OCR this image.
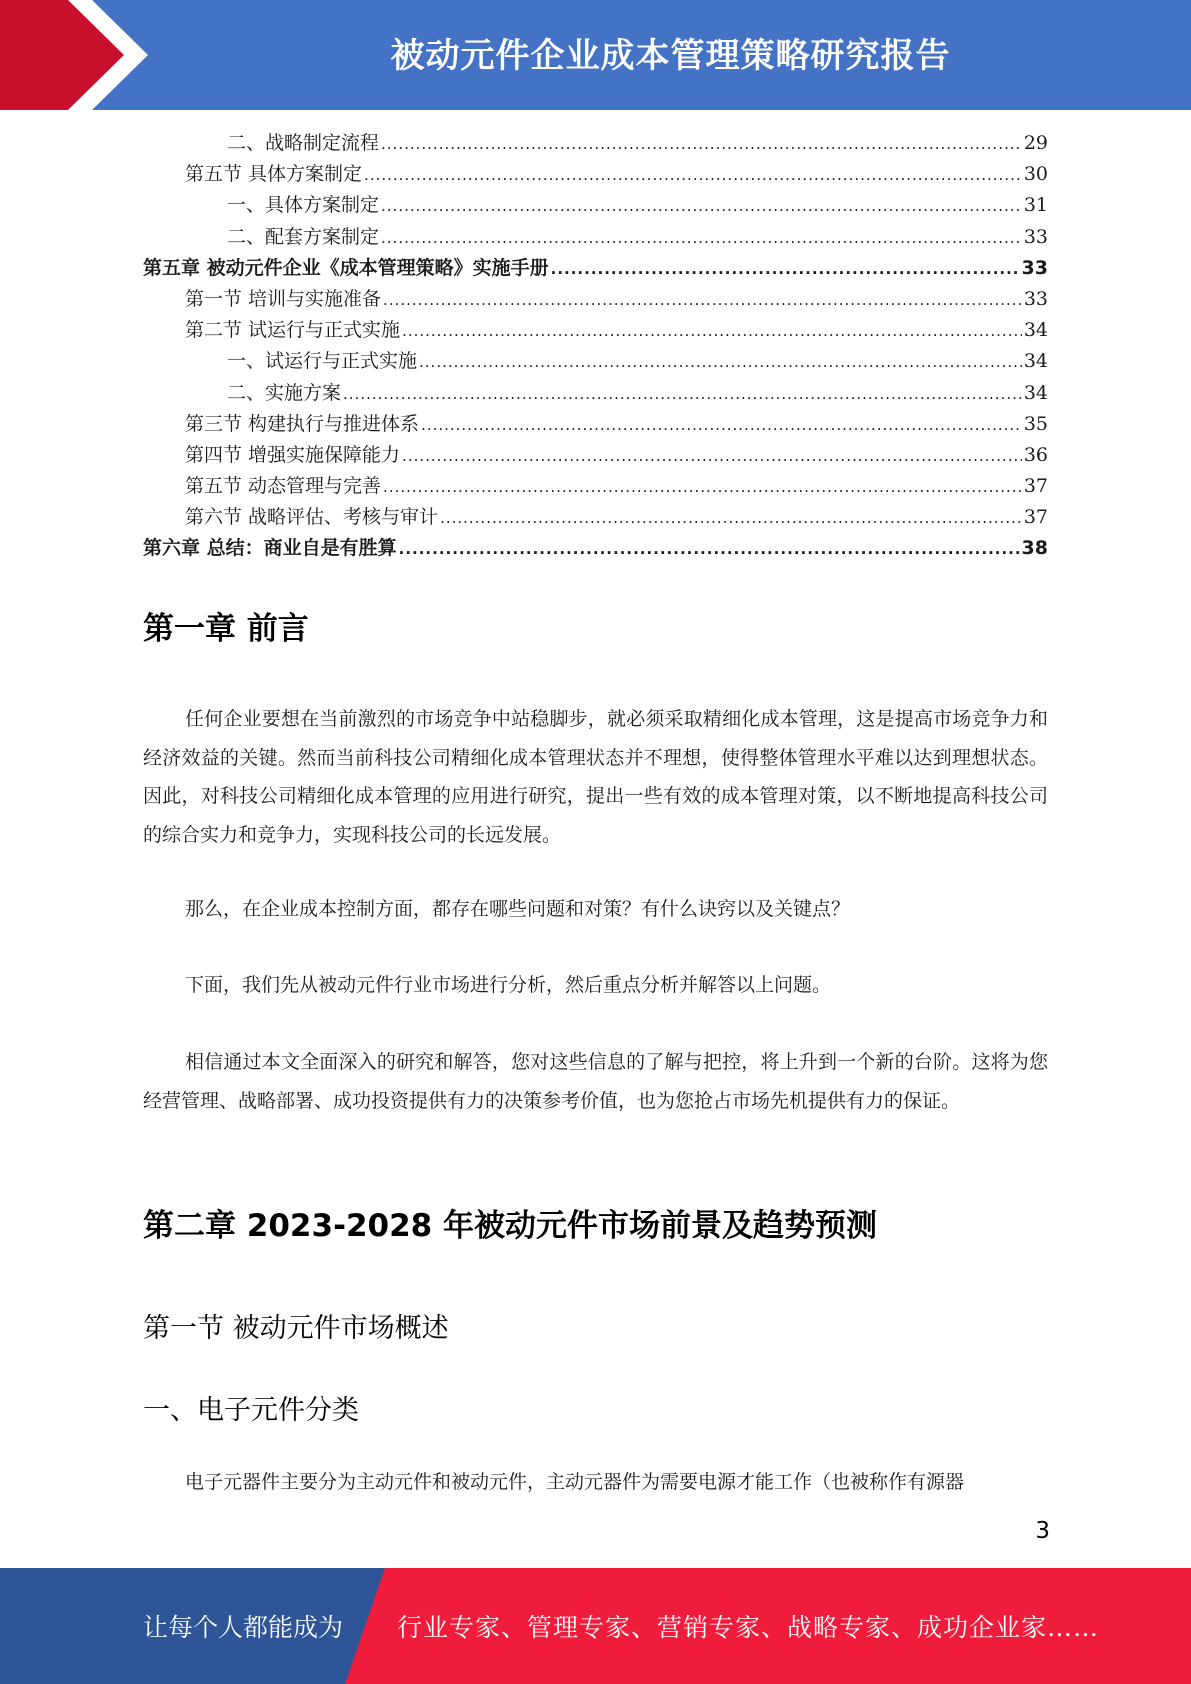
被动元件企业成本管理策略研究报告
二、战略制定流程 .....	29
第五节 具体方案制定 .....	30
一、具体方案制定 .....	31
二、配套方案制定 .....	33
第五章 被动元件企业《成本管理策略》实施手册 .....	33
第一节 培训与实施准备 .....	33
第二节 试运行与正式实施 .....	34
一、试运行与正式实施 .....	34
二、实施方案 .....	34
第三节 构建执行与推进体系 .....	35
第四节 增强实施保障能力 .....	36
第五节 动态管理与完善 .....	37
第六节 战略评估、考核与审计 .....	37
第六章 总结：商业自是有胜算 .....	38
第一章 前言

任何企业要想在当前激烈的市场竞争中站稳脚步，就必须采取精细化成本管理，这是提高市场竞争力和经济效益的关键。然而当前科技公司精细化成本管理状态并不理想，使得整体管理水平难以达到理想状态。因此，对科技公司精细化成本管理的应用进行研究，提出一些有效的成本管理对策，以不断地提高科技公司的综合实力和竞争力，实现科技公司的长远发展。

那么，在企业成本控制方面，都存在哪些问题和对策？有什么诀窍以及关键点？

下面，我们先从被动元件行业市场进行分析，然后重点分析并解答以上问题。

相信通过本文全面深入的研究和解答，您对这些信息的了解与把控，将上升到一个新的台阶。这将为您经营管理、战略部署、成功投资提供有力的决策参考价值，也为您抢占市场先机提供有力的保证。

第二章 2023-2028 年被动元件市场前景及趋势预测
第一节 被动元件市场概述
一、电子元件分类

电子元器件主要分为主动元件和被动元件，主动元器件为需要电源才能工作（也被称作有源器

3
让每个人都能成为 行业专家、管理专家、营销专家、战略专家、成功企业家……
